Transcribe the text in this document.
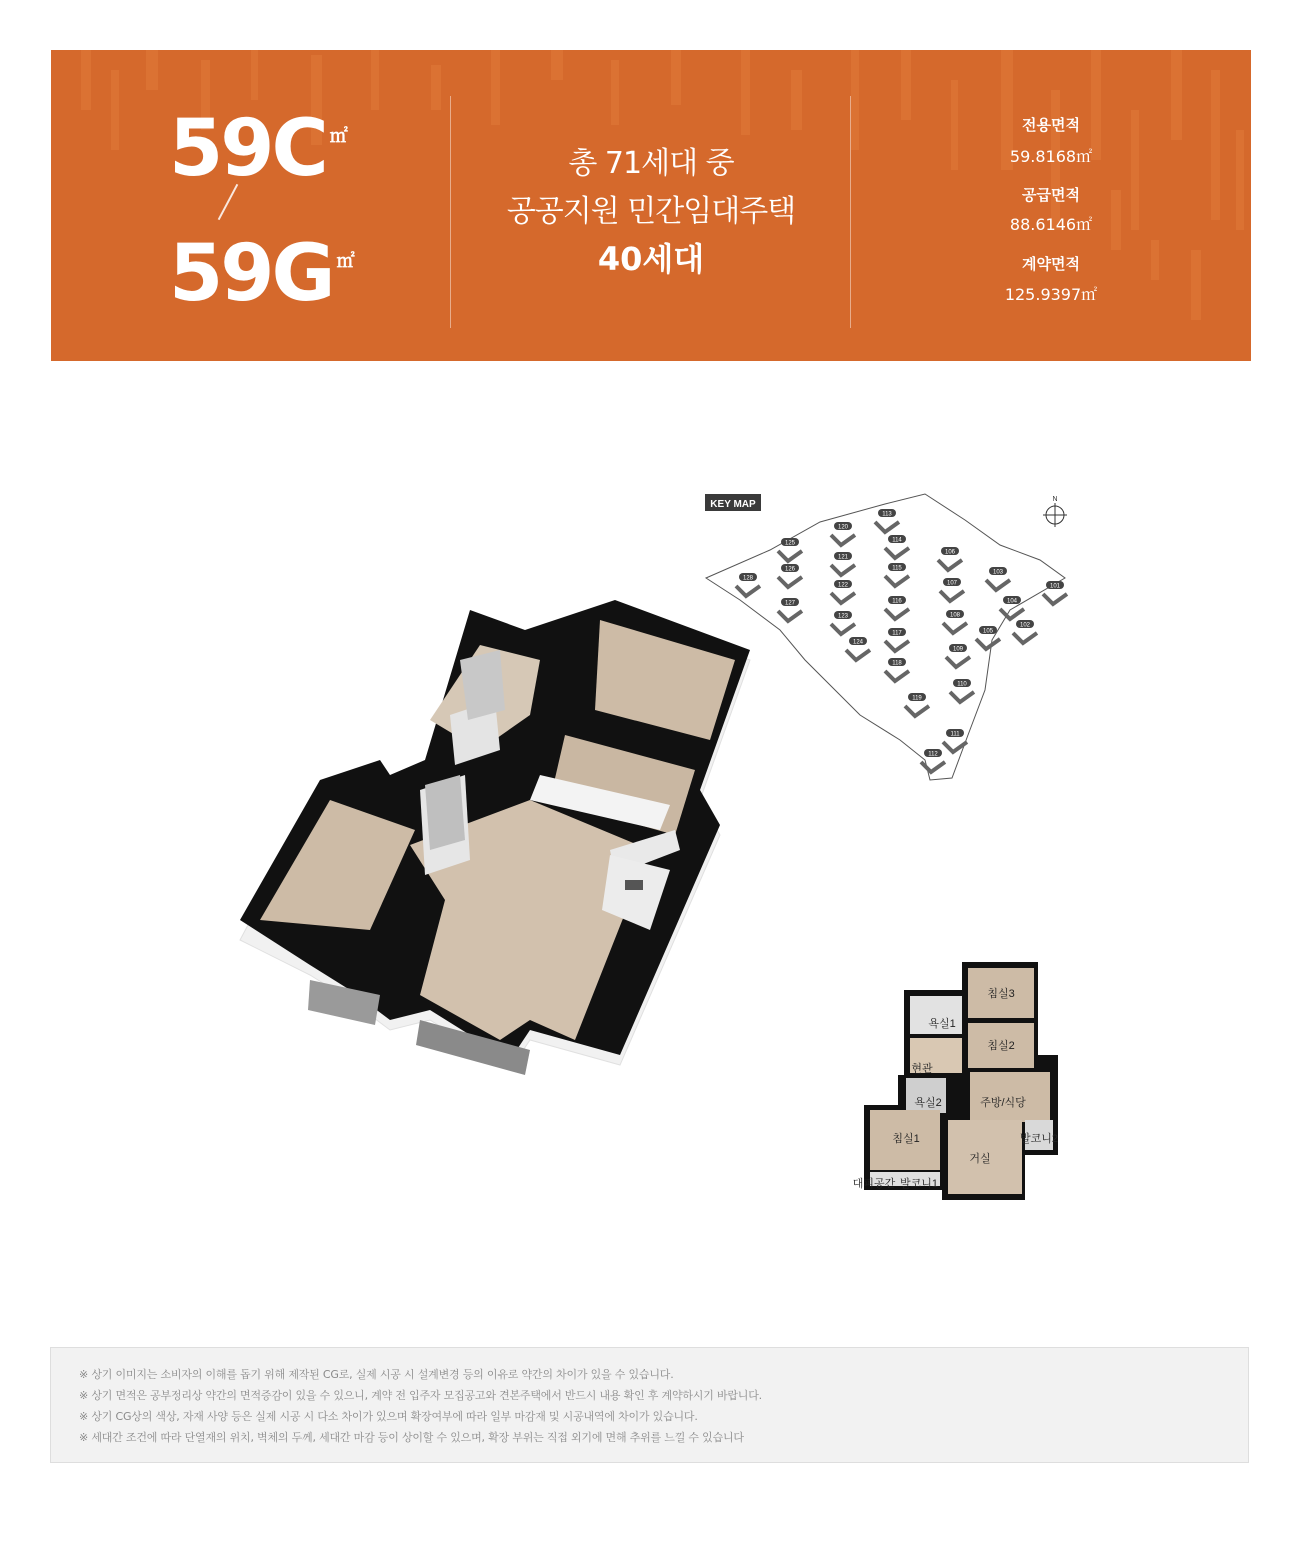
59C ㎡
59G ㎡
총 71세대 중
공공지원 민간임대주택
40세대
전용면적
59.8168㎡
공급면적
88.6146㎡
계약면적
125.9397㎡
KEY MAP	N
101
102
103
104
105
106
107
108
109
110
111
112
113
114
115
116
117
118
119
120
121
122
123
124
125
126
127
128
침실3
욕실1
침실2
현관
욕실2	주방/식당
침실1	발코니2
거실
대피공간 발코니1

※ 상기 이미지는 소비자의 이해를 돕기 위해 제작된 CG로, 실제 시공 시 설계변경 등의 이유로 약간의 차이가 있을 수 있습니다.

※ 상기 면적은 공부정리상 약간의 면적증감이 있을 수 있으니, 계약 전 입주자 모집공고와 견본주택에서 반드시 내용 확인 후 계약하시기 바랍니다.

※ 상기 CG상의 색상, 자재 사양 등은 실제 시공 시 다소 차이가 있으며 확장여부에 따라 일부 마감재 및 시공내역에 차이가 있습니다.

※ 세대간 조건에 따라 단열재의 위치, 벽체의 두께, 세대간 마감 등이 상이할 수 있으며, 확장 부위는 직접 외기에 면해 추위를 느낄 수 있습니다
